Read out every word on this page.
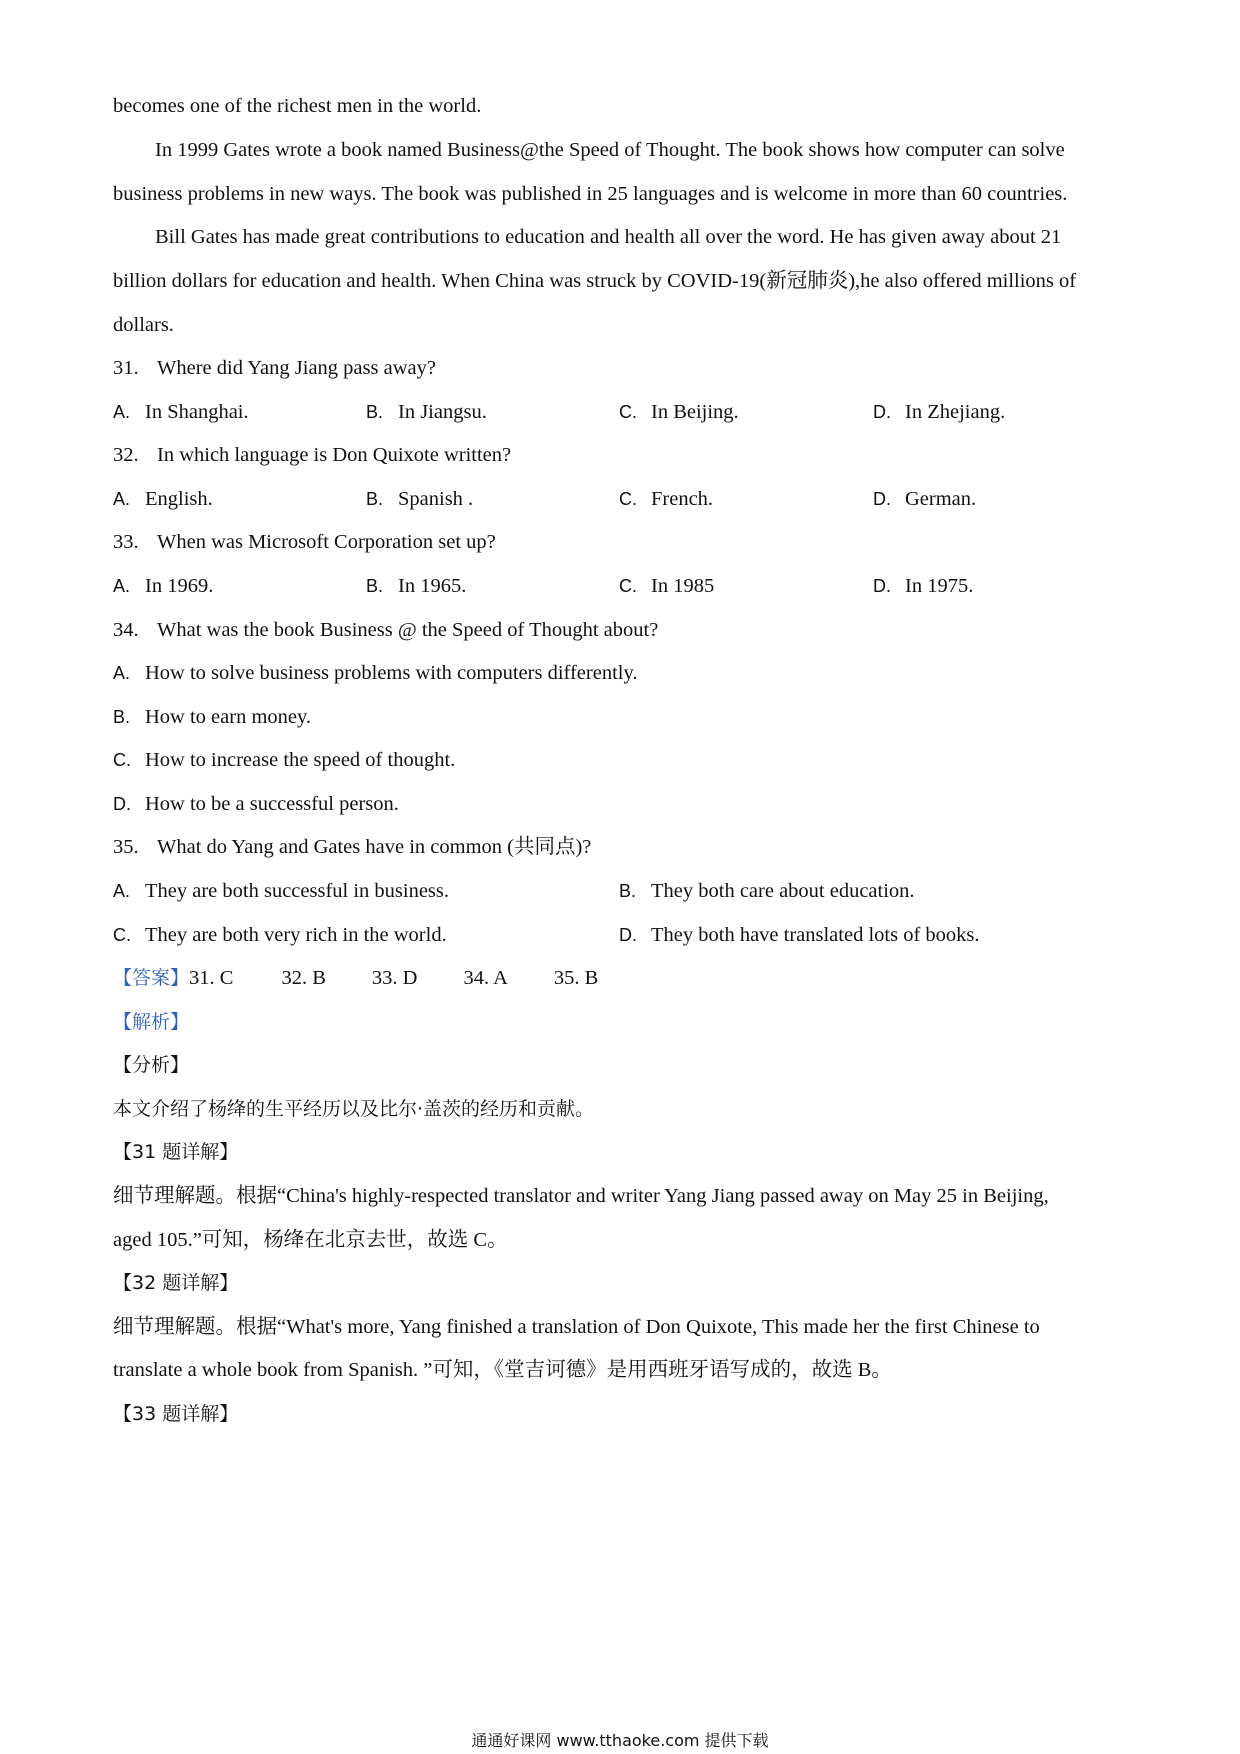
becomes one of the richest men in the world.
In 1999 Gates wrote a book named Business@the Speed of Thought. The book shows how computer can solve
business problems in new ways. The book was published in 25 languages and is welcome in more than 60 countries.
Bill Gates has made great contributions to education and health all over the word. He has given away about 21
billion dollars for education and health. When China was struck by COVID-19(新冠肺炎),he also offered millions of
dollars.
31. Where did Yang Jiang pass away?
A. In Shanghai.	B. In Jiangsu.	C. In Beijing.	D. In Zhejiang.
32. In which language is Don Quixote written?
A. English.	B. Spanish .	C. French.	D. German.
33. When was Microsoft Corporation set up?
A. In 1969.	B. In 1965.	C. In 1985	D. In 1975.
34. What was the book Business @ the Speed of Thought about?
A. How to solve business problems with computers differently.
B. How to earn money.
C. How to increase the speed of thought.
D. How to be a successful person.
35. What do Yang and Gates have in common (共同点)?
A. They are both successful in business.	B. They both care about education.
C. They are both very rich in the world.	D. They both have translated lots of books.
【答案】31. C 32. B 33. D 34. A 35. B
【解析】
【分析】
本文介绍了杨绛的生平经历以及比尔·盖茨的经历和贡献。
【31 题详解】
细节理解题。根据“China's highly-respected translator and writer Yang Jiang passed away on May 25 in Beijing,
aged 105.”可知，杨绛在北京去世，故选 C。
【32 题详解】
细节理解题。根据“What's more, Yang finished a translation of Don Quixote, This made her the first Chinese to
translate a whole book from Spanish. ”可知，《堂吉诃德》是用西班牙语写成的，故选 B。
【33 题详解】
通通好课网 www.tthaoke.com 提供下载
